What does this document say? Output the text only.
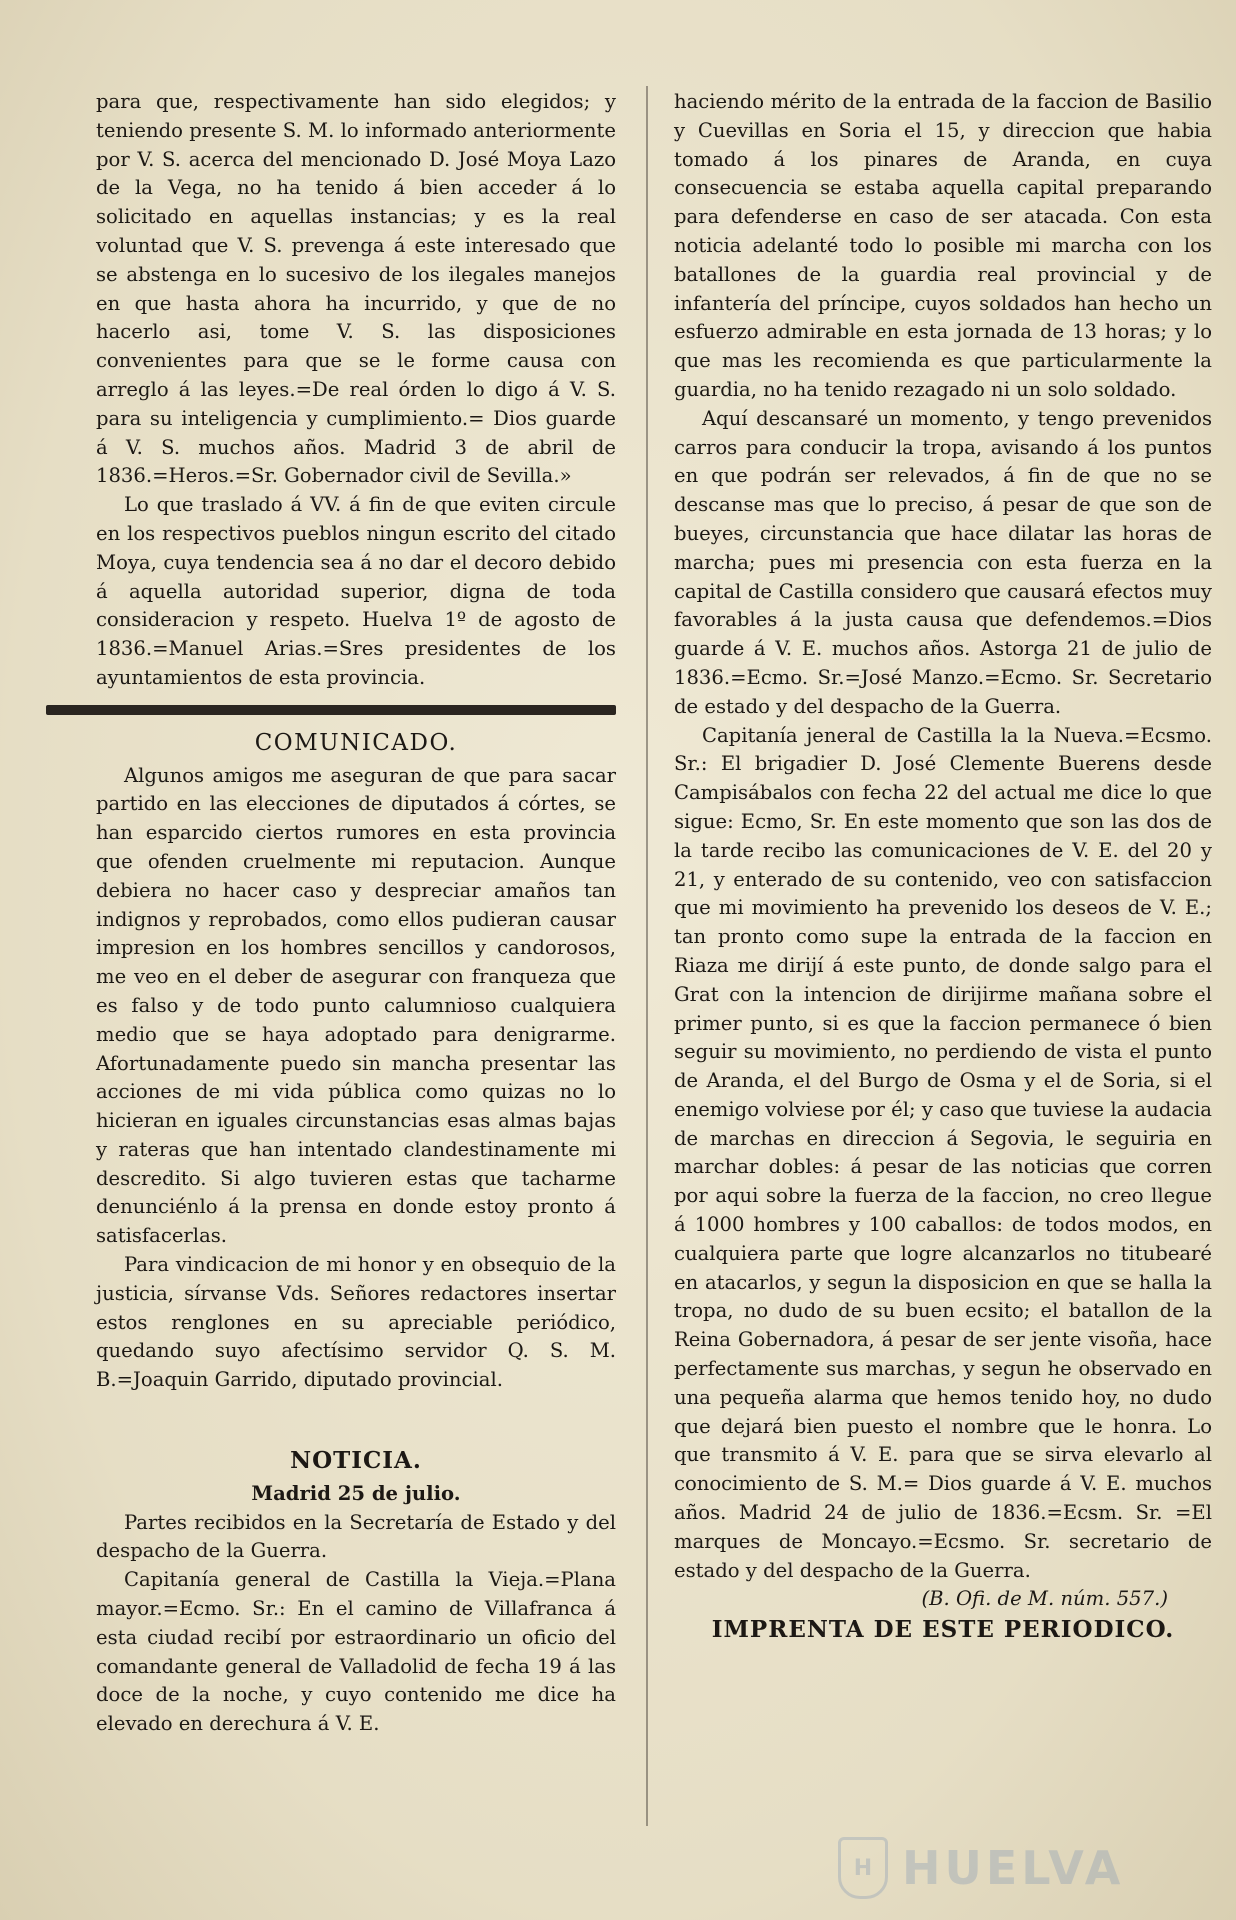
para que, respectivamente han sido elegidos; y teniendo presente S. M. lo informado anteriormente por V. S. acerca del mencionado D. José Moya Lazo de la Vega, no ha tenido á bien acceder á lo solicitado en aquellas instancias; y es la real voluntad que V. S. prevenga á este interesado que se abstenga en lo sucesivo de los ilegales manejos en que hasta ahora ha incurrido, y que de no hacerlo asi, tome V. S. las disposiciones convenientes para que se le forme causa con arreglo á las leyes.=De real órden lo digo á V. S. para su inteligencia y cumplimiento.= Dios guarde á V. S. muchos años. Madrid 3 de abril de 1836.=Heros.=Sr. Gobernador civil de Sevilla.»

Lo que traslado á VV. á fin de que eviten circule en los respectivos pueblos ningun escrito del citado Moya, cuya tendencia sea á no dar el decoro debido á aquella autoridad superior, digna de toda consideracion y respeto. Huelva 1º de agosto de 1836.=Manuel Arias.=Sres presidentes de los ayuntamientos de esta provincia.

COMUNICADO.

Algunos amigos me aseguran de que para sacar partido en las elecciones de diputados á córtes, se han esparcido ciertos rumores en esta provincia que ofenden cruelmente mi reputacion. Aunque debiera no hacer caso y despreciar amaños tan indignos y reprobados, como ellos pudieran causar impresion en los hombres sencillos y candorosos, me veo en el deber de asegurar con franqueza que es falso y de todo punto calumnioso cualquiera medio que se haya adoptado para denigrarme. Afortunadamente puedo sin mancha presentar las acciones de mi vida pública como quizas no lo hicieran en iguales circunstancias esas almas bajas y rateras que han intentado clandestinamente mi descredito. Si algo tuvieren estas que tacharme denunciénlo á la prensa en donde estoy pronto á satisfacerlas.

Para vindicacion de mi honor y en obsequio de la justicia, sírvanse Vds. Señores redactores insertar estos renglones en su apreciable periódico, quedando suyo afectísimo servidor Q. S. M. B.=Joaquin Garrido, diputado provincial.

NOTICIA.
Madrid 25 de julio.

Partes recibidos en la Secretaría de Estado y del despacho de la Guerra.

Capitanía general de Castilla la Vieja.=Plana mayor.=Ecmo. Sr.: En el camino de Villafranca á esta ciudad recibí por estraordinario un oficio del comandante general de Valladolid de fecha 19 á las doce de la noche, y cuyo contenido me dice ha elevado en derechura á V. E.

haciendo mérito de la entrada de la faccion de Basilio y Cuevillas en Soria el 15, y direccion que habia tomado á los pinares de Aranda, en cuya consecuencia se estaba aquella capital preparando para defenderse en caso de ser atacada. Con esta noticia adelanté todo lo posible mi marcha con los batallones de la guardia real provincial y de infantería del príncipe, cuyos soldados han hecho un esfuerzo admirable en esta jornada de 13 horas; y lo que mas les recomienda es que particularmente la guardia, no ha tenido rezagado ni un solo soldado.

Aquí descansaré un momento, y tengo prevenidos carros para conducir la tropa, avisando á los puntos en que podrán ser relevados, á fin de que no se descanse mas que lo preciso, á pesar de que son de bueyes, circunstancia que hace dilatar las horas de marcha; pues mi presencia con esta fuerza en la capital de Castilla considero que causará efectos muy favorables á la justa causa que defendemos.=Dios guarde á V. E. muchos años. Astorga 21 de julio de 1836.=Ecmo. Sr.=José Manzo.=Ecmo. Sr. Secretario de estado y del despacho de la Guerra.

Capitanía jeneral de Castilla la la Nueva.=Ecsmo. Sr.: El brigadier D. José Clemente Buerens desde Campisábalos con fecha 22 del actual me dice lo que sigue: Ecmo, Sr. En este momento que son las dos de la tarde recibo las comunicaciones de V. E. del 20 y 21, y enterado de su contenido, veo con satisfaccion que mi movimiento ha prevenido los deseos de V. E.; tan pronto como supe la entrada de la faccion en Riaza me dirijí á este punto, de donde salgo para el Grat con la intencion de dirijirme mañana sobre el primer punto, si es que la faccion permanece ó bien seguir su movimiento, no perdiendo de vista el punto de Aranda, el del Burgo de Osma y el de Soria, si el enemigo volviese por él; y caso que tuviese la audacia de marchas en direccion á Segovia, le seguiria en marchar dobles: á pesar de las noticias que corren por aqui sobre la fuerza de la faccion, no creo llegue á 1000 hombres y 100 caballos: de todos modos, en cualquiera parte que logre alcanzarlos no titubearé en atacarlos, y segun la disposicion en que se halla la tropa, no dudo de su buen ecsito; el batallon de la Reina Gobernadora, á pesar de ser jente visoña, hace perfectamente sus marchas, y segun he observado en una pequeña alarma que hemos tenido hoy, no dudo que dejará bien puesto el nombre que le honra. Lo que transmito á V. E. para que se sirva elevarlo al conocimiento de S. M.= Dios guarde á V. E. muchos años. Madrid 24 de julio de 1836.=Ecsm. Sr. =El marques de Moncayo.=Ecsmo. Sr. secretario de estado y del despacho de la Guerra.

(B. Ofi. de M. núm. 557.)
IMPRENTA DE ESTE PERIODICO.
H HUELVA
